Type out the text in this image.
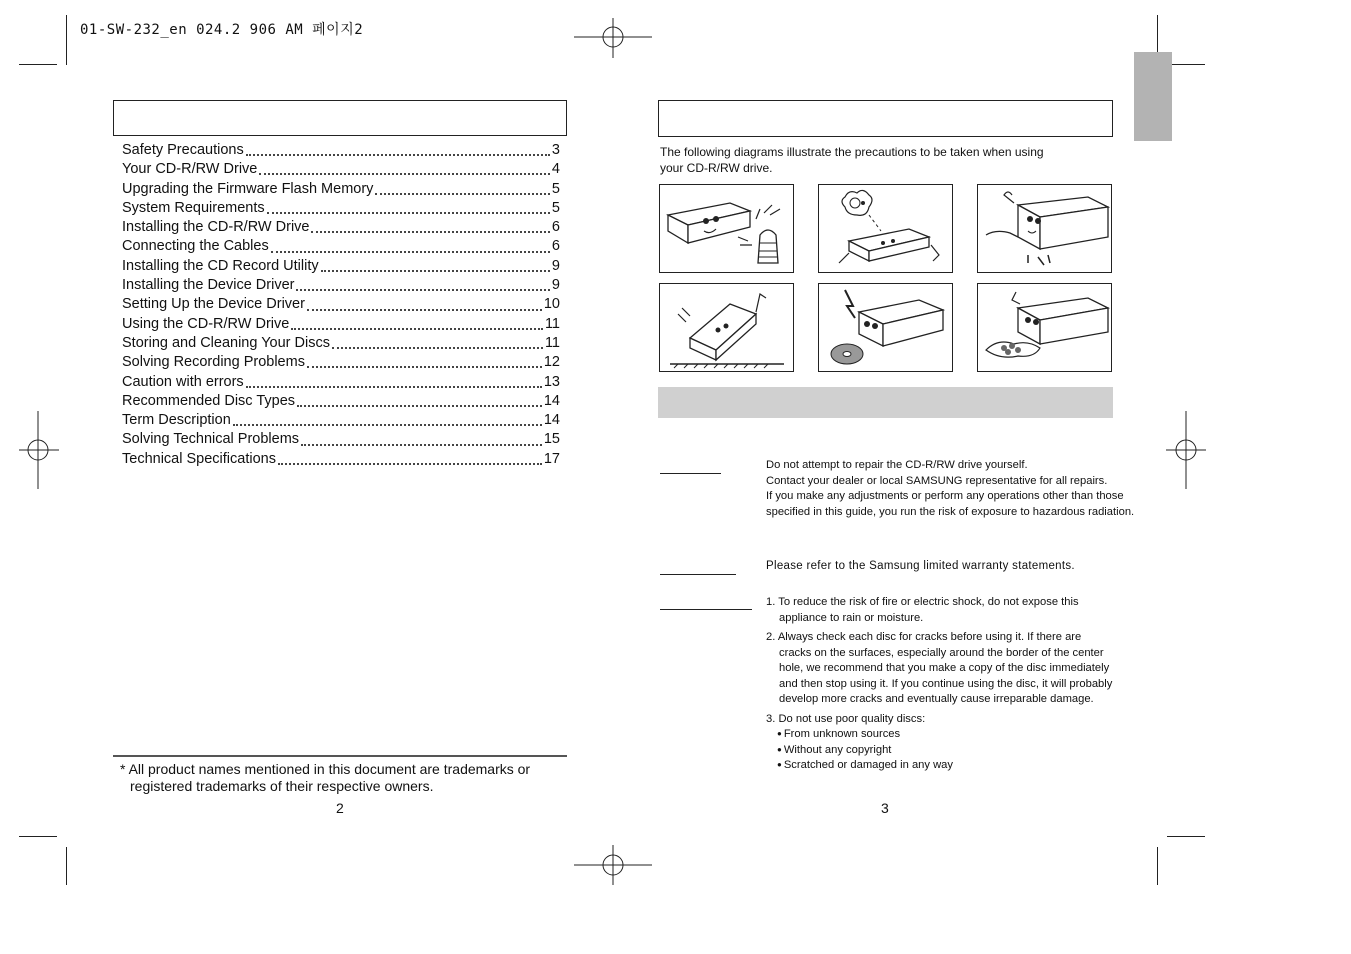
01-SW-232_en 024.2 906 AM 페이지2
Safety Precautions	3
Your CD-R/RW Drive	4
Upgrading the Firmware Flash Memory	5
System Requirements	5
Installing the CD-R/RW Drive	6
Connecting the Cables	6
Installing the CD Record Utility	9
Installing the Device Driver	9
Setting Up the Device Driver	10
Using the CD-R/RW Drive	11
Storing and Cleaning Your Discs	11
Solving Recording Problems	12
Caution with errors	13
Recommended Disc Types	14
Term Description	14
Solving Technical Problems	15
Technical Specifications	17
* All product names mentioned in this document are trademarks or
registered trademarks of their respective owners.
2
The following diagrams illustrate the precautions to be taken when using
your CD-R/RW drive.
Do not attempt to repair the CD-R/RW drive yourself.
Contact your dealer or local SAMSUNG representative for all repairs.
If you make any adjustments or perform any operations other than those
specified in this guide, you run the risk of exposure to hazardous radiation.
Please refer to the Samsung limited warranty statements.
1. To reduce the risk of fire or electric shock, do not expose this
appliance to rain or moisture.
2. Always check each disc for cracks before using it. If there are
cracks on the surfaces, especially around the border of the center
hole, we recommend that you make a copy of the disc immediately
and then stop using it. If you continue using the disc, it will probably
develop more cracks and eventually cause irreparable damage.
3. Do not use poor quality discs:
● From unknown sources
● Without any copyright
● Scratched or damaged in any way
3
